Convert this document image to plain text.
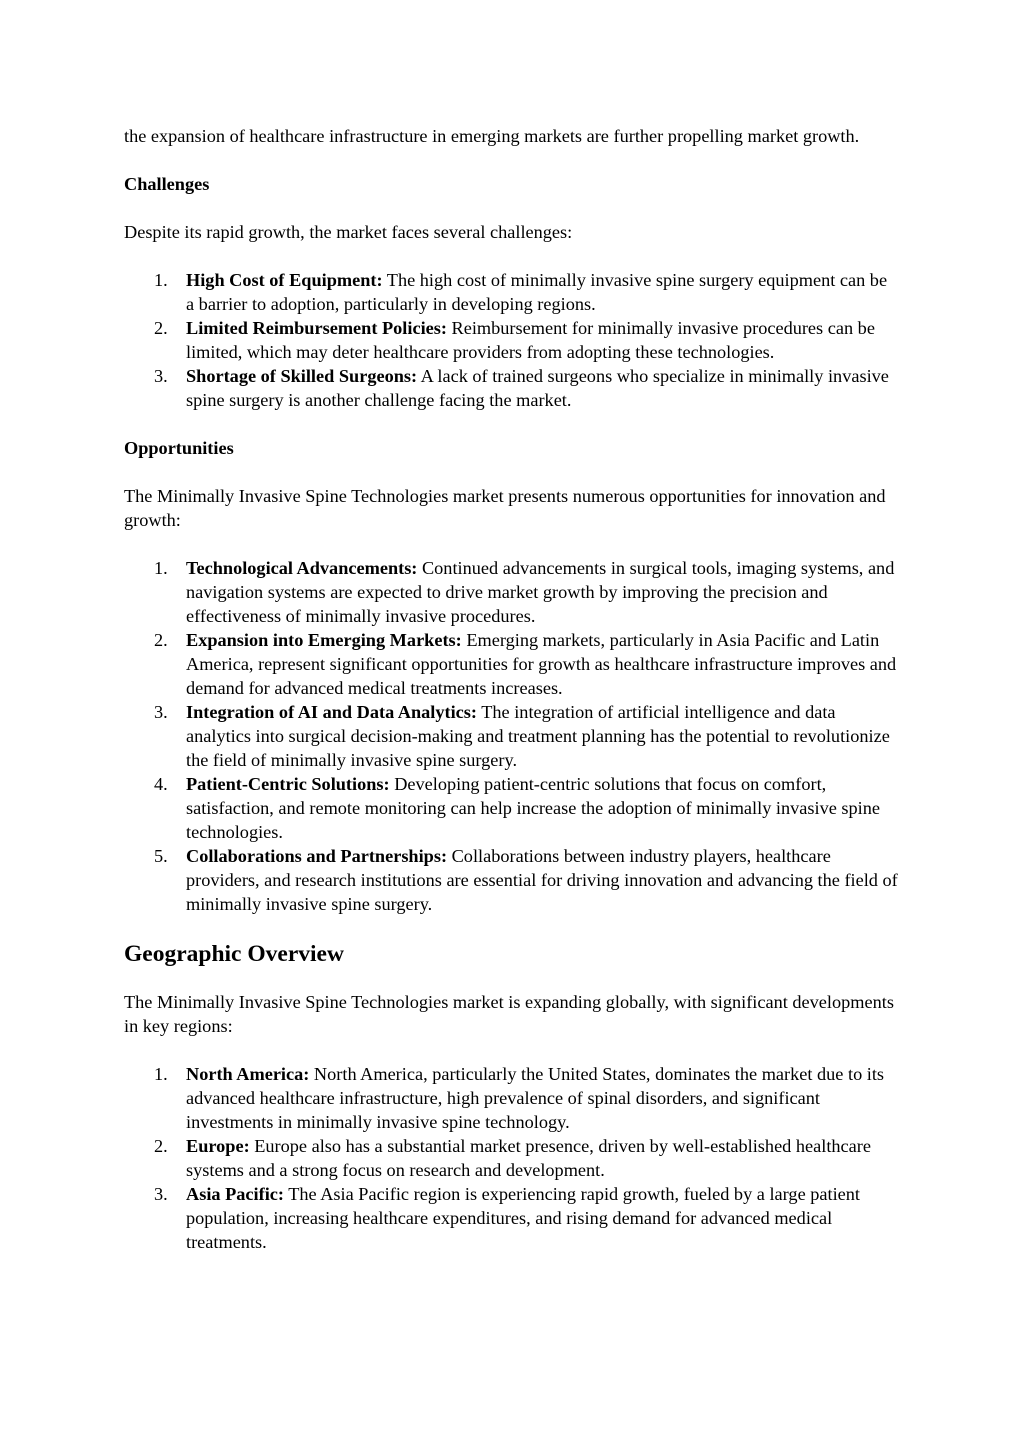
the expansion of healthcare infrastructure in emerging markets are further propelling market growth.

Challenges

Despite its rapid growth, the market faces several challenges:

1. High Cost of Equipment: The high cost of minimally invasive spine surgery equipment can be a barrier to adoption, particularly in developing regions.
2. Limited Reimbursement Policies: Reimbursement for minimally invasive procedures can be limited, which may deter healthcare providers from adopting these technologies.
3. Shortage of Skilled Surgeons: A lack of trained surgeons who specialize in minimally invasive spine surgery is another challenge facing the market.

Opportunities

The Minimally Invasive Spine Technologies market presents numerous opportunities for innovation and growth:

1. Technological Advancements: Continued advancements in surgical tools, imaging systems, and navigation systems are expected to drive market growth by improving the precision and effectiveness of minimally invasive procedures.
2. Expansion into Emerging Markets: Emerging markets, particularly in Asia Pacific and Latin America, represent significant opportunities for growth as healthcare infrastructure improves and demand for advanced medical treatments increases.
3. Integration of AI and Data Analytics: The integration of artificial intelligence and data analytics into surgical decision-making and treatment planning has the potential to revolutionize the field of minimally invasive spine surgery.
4. Patient-Centric Solutions: Developing patient-centric solutions that focus on comfort, satisfaction, and remote monitoring can help increase the adoption of minimally invasive spine technologies.
5. Collaborations and Partnerships: Collaborations between industry players, healthcare providers, and research institutions are essential for driving innovation and advancing the field of minimally invasive spine surgery.

Geographic Overview

The Minimally Invasive Spine Technologies market is expanding globally, with significant developments in key regions:

1. North America: North America, particularly the United States, dominates the market due to its advanced healthcare infrastructure, high prevalence of spinal disorders, and significant investments in minimally invasive spine technology.
2. Europe: Europe also has a substantial market presence, driven by well-established healthcare systems and a strong focus on research and development.
3. Asia Pacific: The Asia Pacific region is experiencing rapid growth, fueled by a large patient population, increasing healthcare expenditures, and rising demand for advanced medical treatments.
